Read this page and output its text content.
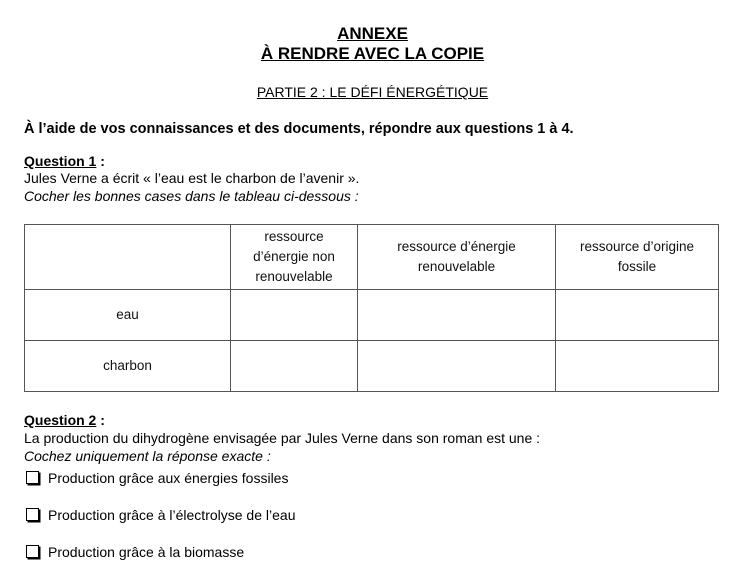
ANNEXE
À RENDRE AVEC LA COPIE
PARTIE 2 : LE DÉFI ÉNERGÉTIQUE
À l’aide de vos connaissances et des documents, répondre aux questions 1 à 4.
Question 1 :
Jules Verne a écrit « l’eau est le charbon de l’avenir ».
Cocher les bonnes cases dans le tableau ci-dessous :
	ressource d’énergie non renouvelable	ressource d’énergie renouvelable	ressource d’origine fossile
eau			
charbon			
Question 2 :
La production du dihydrogène envisagée par Jules Verne dans son roman est une :
Cochez uniquement la réponse exacte :
Production grâce aux énergies fossiles
Production grâce à l’électrolyse de l’eau
Production grâce à la biomasse
